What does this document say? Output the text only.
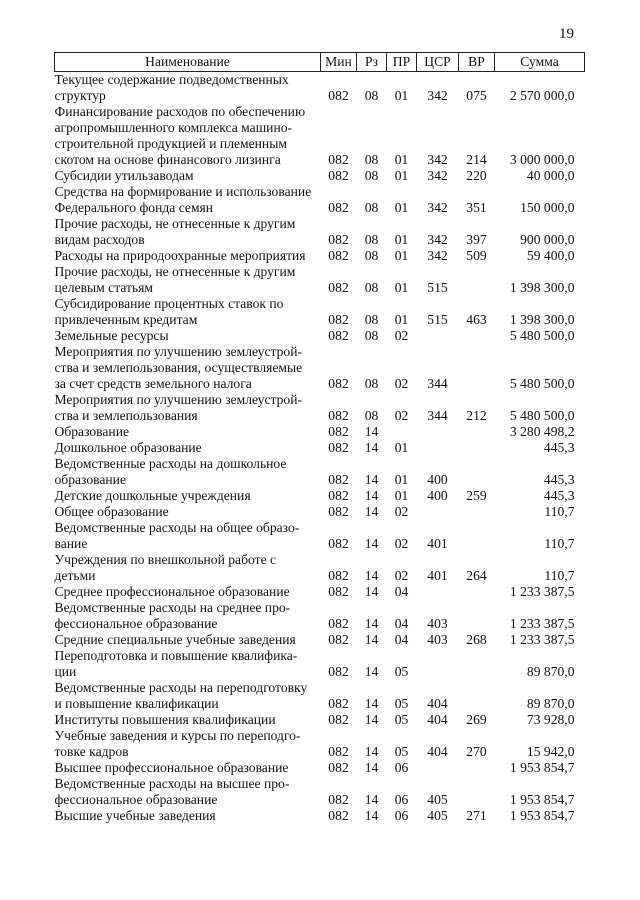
19
Наименование	Мин	Рз	ПР	ЦСР	ВР	Сумма
Текущее содержание подведомственных структур	082	08	01	342	075	2 570 000,0
Финансирование расходов по обеспечению агропромышленного комплекса машино-строительной продукцией и племенным скотом на основе финансового лизинга	082	08	01	342	214	3 000 000,0
Субсидии утильзаводам	082	08	01	342	220	40 000,0
Средства на формирование и использование Федерального фонда семян	082	08	01	342	351	150 000,0
Прочие расходы, не отнесенные к другим видам расходов	082	08	01	342	397	900 000,0
Расходы на природоохранные мероприятия	082	08	01	342	509	59 400,0
Прочие расходы, не отнесенные к другим целевым статьям	082	08	01	515		1 398 300,0
Субсидирование процентных ставок по привлеченным кредитам	082	08	01	515	463	1 398 300,0
Земельные ресурсы	082	08	02			5 480 500,0
Мероприятия по улучшению землеустрой-ства и землепользования, осуществляемые за счет средств земельного налога	082	08	02	344		5 480 500,0
Мероприятия по улучшению землеустрой-ства и землепользования	082	08	02	344	212	5 480 500,0
Образование	082	14				3 280 498,2
Дошкольное образование	082	14	01			445,3
Ведомственные расходы на дошкольное образование	082	14	01	400		445,3
Детские дошкольные учреждения	082	14	01	400	259	445,3
Общее образование	082	14	02			110,7
Ведомственные расходы на общее образо-вание	082	14	02	401		110,7
Учреждения по внешкольной работе с детьми	082	14	02	401	264	110,7
Среднее профессиональное образование	082	14	04			1 233 387,5
Ведомственные расходы на среднее про-фессиональное образование	082	14	04	403		1 233 387,5
Средние специальные учебные заведения	082	14	04	403	268	1 233 387,5
Переподготовка и повышение квалифика-ции	082	14	05			89 870,0
Ведомственные расходы на переподготовку и повышение квалификации	082	14	05	404		89 870,0
Институты повышения квалификации	082	14	05	404	269	73 928,0
Учебные заведения и курсы по переподго-товке кадров	082	14	05	404	270	15 942,0
Высшее профессиональное образование	082	14	06			1 953 854,7
Ведомственные расходы на высшее про-фессиональное образование	082	14	06	405		1 953 854,7
Высшие учебные заведения	082	14	06	405	271	1 953 854,7
